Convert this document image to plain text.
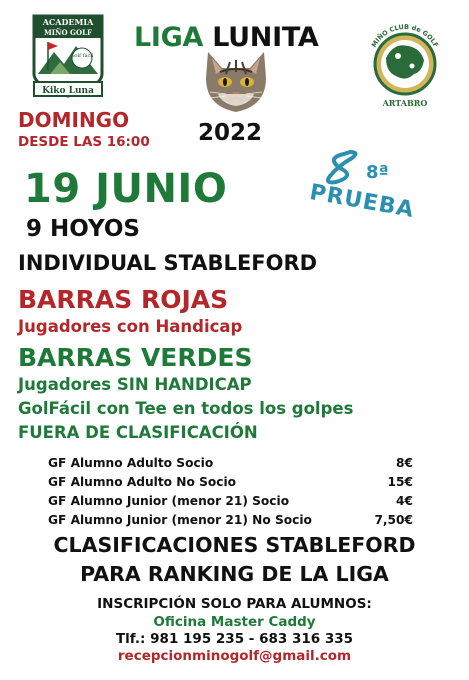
ACADEMIA
MIÑO GOLF
Golf fácil
Kiko Luna
LIGA LUNITA	MIÑO CLUB de GOLF
ARTABRO
DOMINGO
DESDE LAS 16:00 2022
8ª
PRUEBA
19 JUNIO
9 HOYOS
INDIVIDUAL STABLEFORD
BARRAS ROJAS
Jugadores con Handicap
BARRAS VERDES
Jugadores SIN HANDICAP
GolFácil con Tee en todos los golpes
FUERA DE CLASIFICACIÓN
GF Alumno Adulto Socio	8€
GF Alumno Adulto No Socio	15€
GF Alumno Junior (menor 21) Socio	4€
GF Alumno Junior (menor 21) No Socio	7,50€
CLASIFICACIONES STABLEFORD
PARA RANKING DE LA LIGA
INSCRIPCIÓN SOLO PARA ALUMNOS:
Oficina Master Caddy
Tlf.: 981 195 235 - 683 316 335
recepcionminogolf@gmail.com
